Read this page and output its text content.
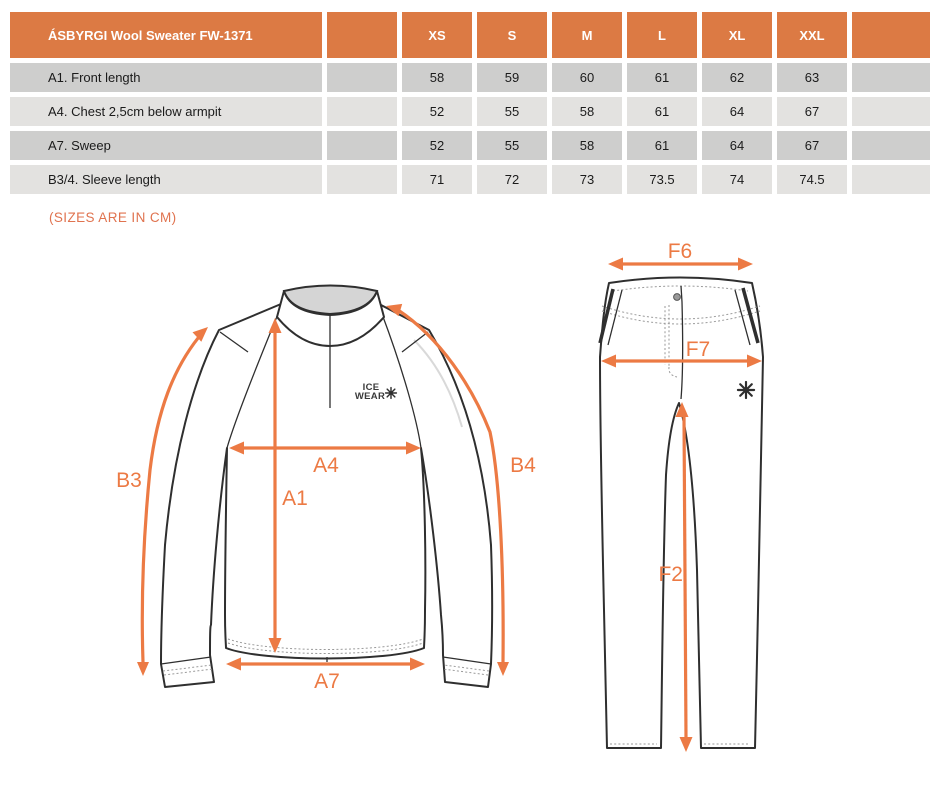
ÁSBYRGI Wool Sweater FW-1371	XS	S	M	L	XL	XXL
A1. Front length	58	59	60	61	62	63
A4. Chest 2,5cm below armpit	52	55	58	61	64	67
A7. Sweep	52	55	58	61	64	67
B3/4. Sleeve length	71	72	73	73.5	74	74.5
(SIZES ARE IN CM)
ICE
WEAR
A4
A1
A7
B3
B4
F6
F7
F2
